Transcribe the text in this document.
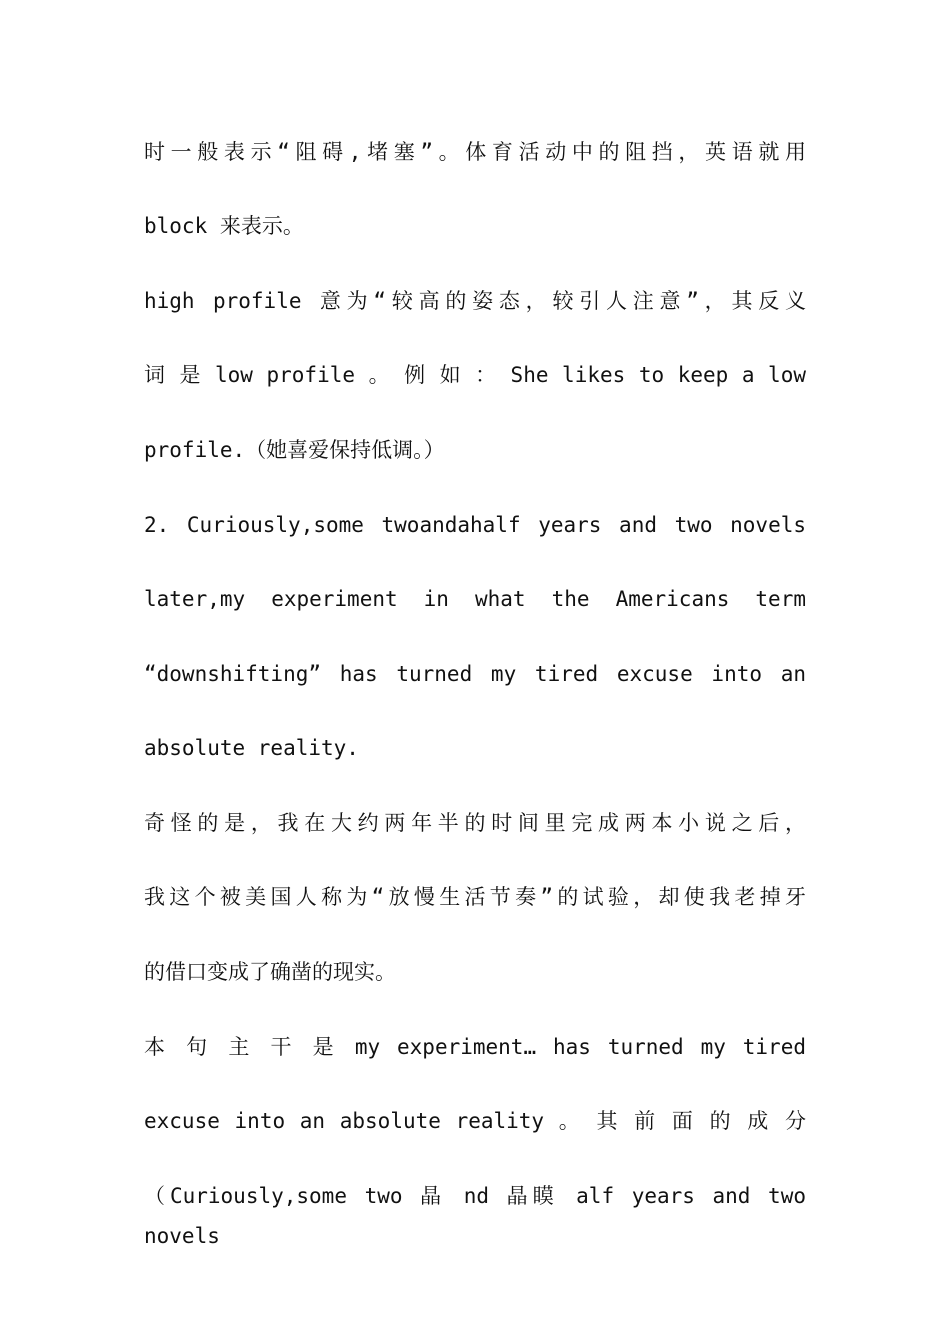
时一般表示“阻碍,堵塞”。体育活动中的阻挡，英语就用
block 来表示。
high profile 意为“较高的姿态，较引人注意”，其反义
词 是 low profile 。 例 如 ： She likes to keep a low
profile.（她喜爱保持低调。）
2. Curiously,some twoandahalf years and two novels
later,my experiment in what the Americans term
“downshifting” has turned my tired excuse into an
absolute reality.
奇怪的是，我在大约两年半的时间里完成两本小说之后，
我这个被美国人称为“放慢生活节奏”的试验，却使我老掉牙
的借口变成了确凿的现实。
本 句 主 干 是 my experiment… has turned my tired
excuse into an absolute reality 。 其 前 面 的 成 分
（Curiously,some two 晶 nd 晶瞙 alf years and two novels
